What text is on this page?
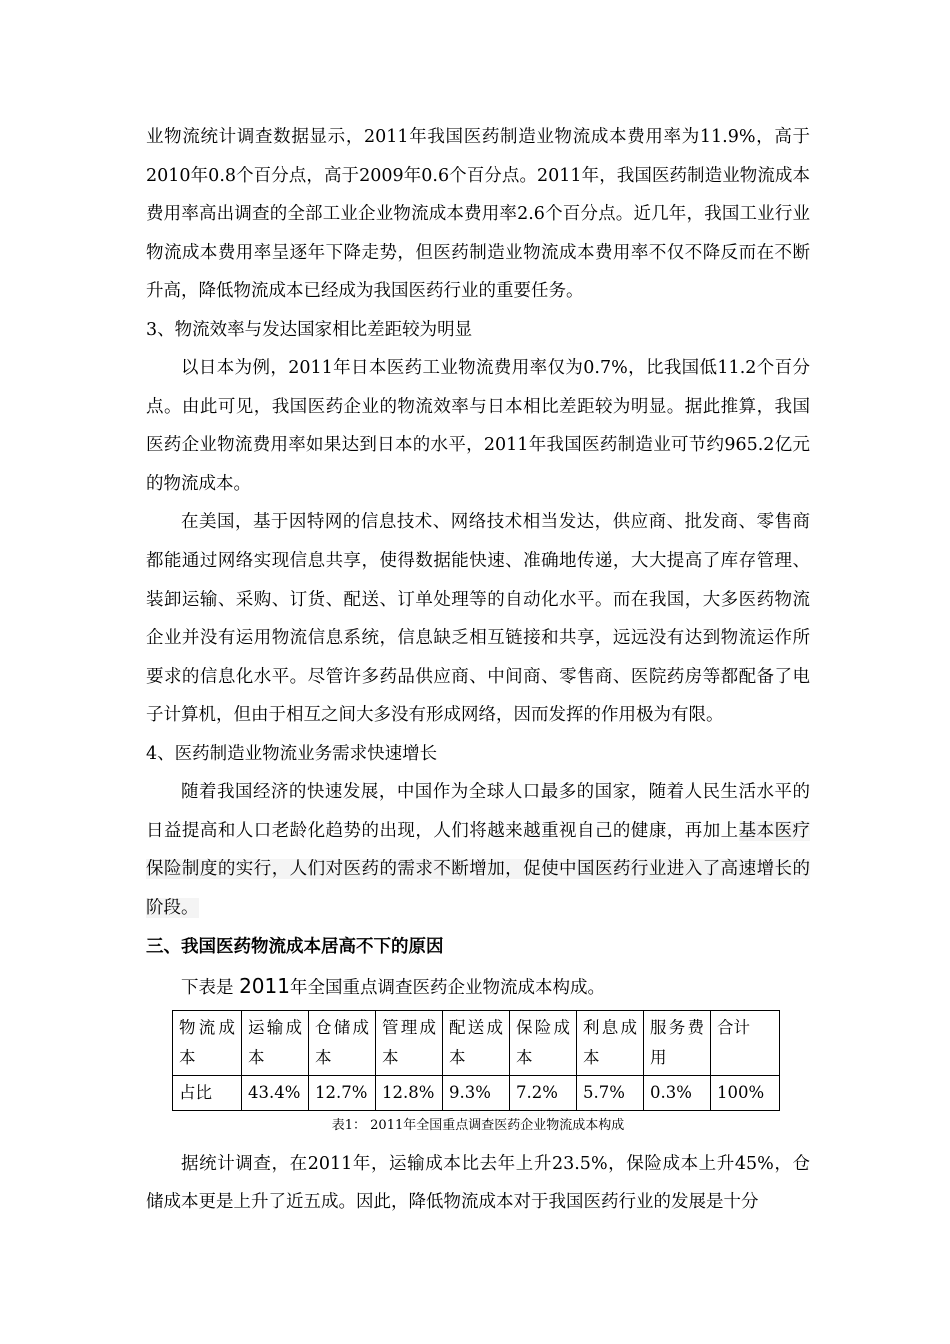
业物流统计调查数据显示，2011年我国医药制造业物流成本费用率为11.9%，高于2010年0.8个百分点，高于2009年0.6个百分点。2011年，我国医药制造业物流成本费用率高出调查的全部工业企业物流成本费用率2.6个百分点。近几年，我国工业行业物流成本费用率呈逐年下降走势，但医药制造业物流成本费用率不仅不降反而在不断升高，降低物流成本已经成为我国医药行业的重要任务。

3、物流效率与发达国家相比差距较为明显

以日本为例，2011年日本医药工业物流费用率仅为0.7%，比我国低11.2个百分点。由此可见，我国医药企业的物流效率与日本相比差距较为明显。据此推算，我国医药企业物流费用率如果达到日本的水平，2011年我国医药制造业可节约965.2亿元的物流成本。

在美国，基于因特网的信息技术、网络技术相当发达，供应商、批发商、零售商都能通过网络实现信息共享，使得数据能快速、准确地传递，大大提高了库存管理、装卸运输、采购、订货、配送、订单处理等的自动化水平。而在我国，大多医药物流企业并没有运用物流信息系统，信息缺乏相互链接和共享，远远没有达到物流运作所要求的信息化水平。尽管许多药品供应商、中间商、零售商、医院药房等都配备了电子计算机，但由于相互之间大多没有形成网络，因而发挥的作用极为有限。

4、医药制造业物流业务需求快速增长

随着我国经济的快速发展，中国作为全球人口最多的国家，随着人民生活水平的日益提高和人口老龄化趋势的出现，人们将越来越重视自己的健康，再加上基本医疗保险制度的实行，人们对医药的需求不断增加，促使中国医药行业进入了高速增长的阶段。

三、我国医药物流成本居高不下的原因

下表是 2011年全国重点调查医药企业物流成本构成。

物流成本	运输成本	仓储成本	管理成本	配送成本	保险成本	利息成本	服务费用	合计
占比	43.4%	12.7%	12.8%	9.3%	7.2%	5.7%	0.3%	100%

表1： 2011年全国重点调查医药企业物流成本构成

据统计调查，在2011年，运输成本比去年上升23.5%，保险成本上升45%，仓储成本更是上升了近五成。因此，降低物流成本对于我国医药行业的发展是十分
